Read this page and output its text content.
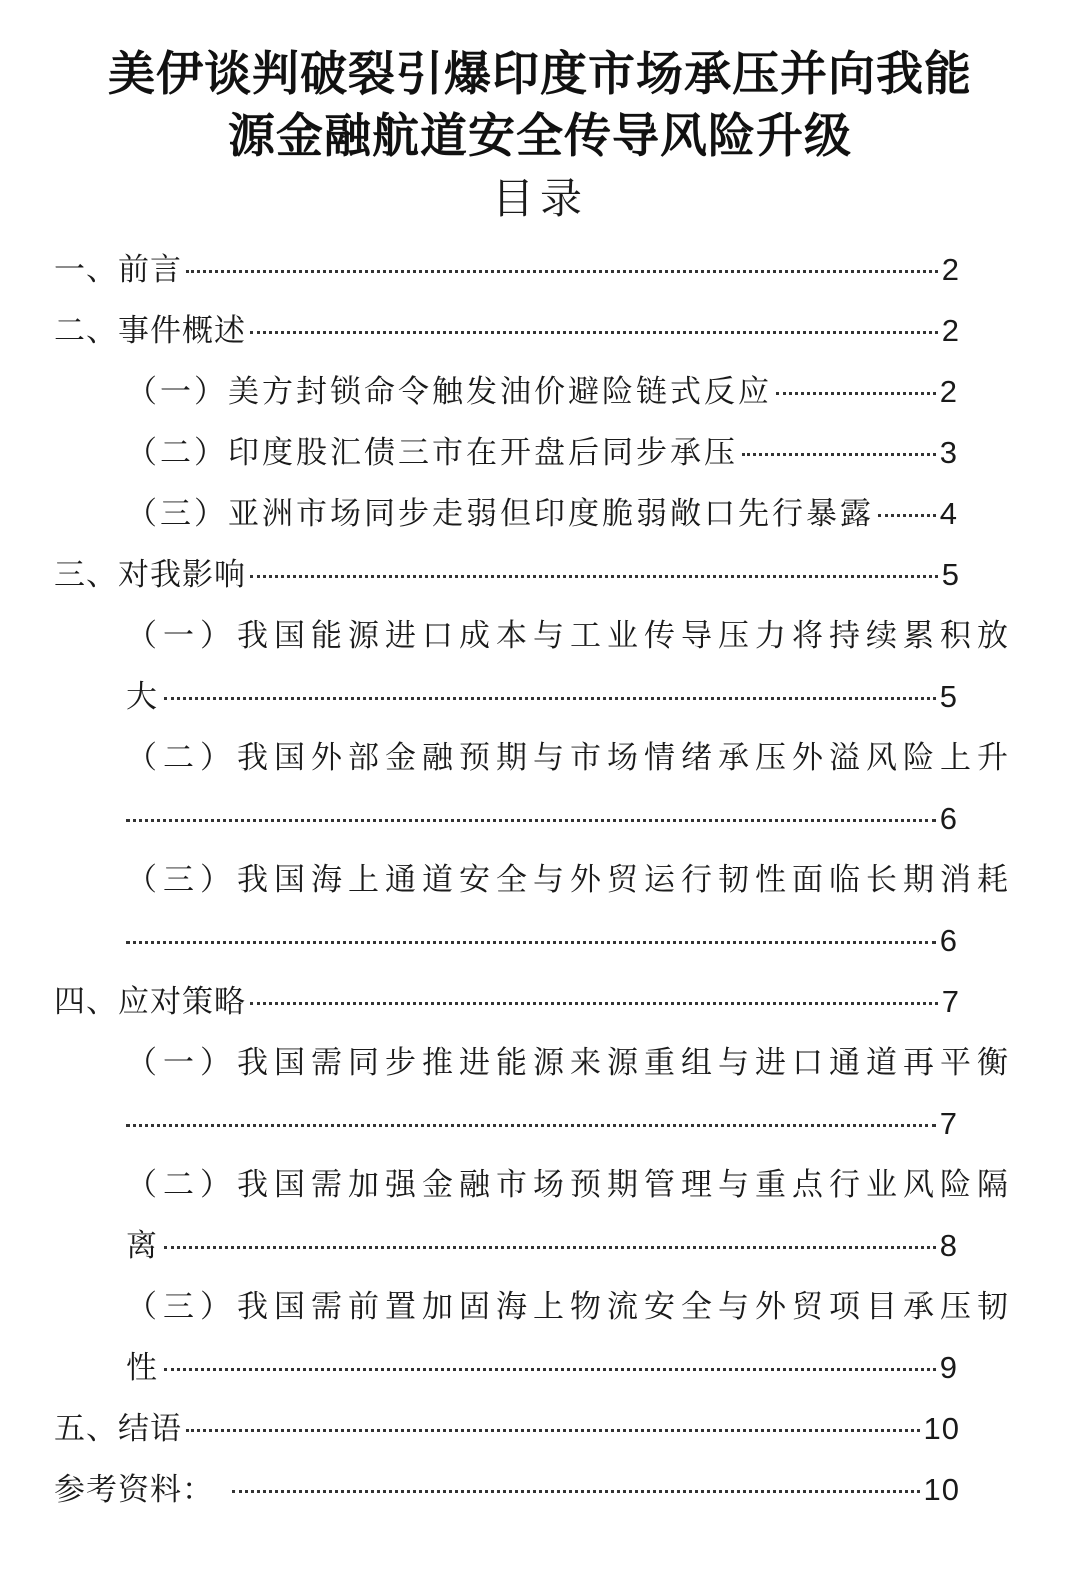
美伊谈判破裂引爆印度市场承压并向我能
源金融航道安全传导风险升级
目录
一、前言	2
二、事件概述	2
（一）美方封锁命令触发油价避险链式反应	2
（二）印度股汇债三市在开盘后同步承压	3
（三）亚洲市场同步走弱但印度脆弱敞口先行暴露 4
三、对我影响	5
（一）我国能源进口成本与工业传导压力将持续累积放
大	5
（二）我国外部金融预期与市场情绪承压外溢风险上升
6
（三）我国海上通道安全与外贸运行韧性面临长期消耗
6
四、应对策略	7
（一）我国需同步推进能源来源重组与进口通道再平衡
7
（二）我国需加强金融市场预期管理与重点行业风险隔
离	8
（三）我国需前置加固海上物流安全与外贸项目承压韧
性	9
五、结语	10
参考资料：	10
